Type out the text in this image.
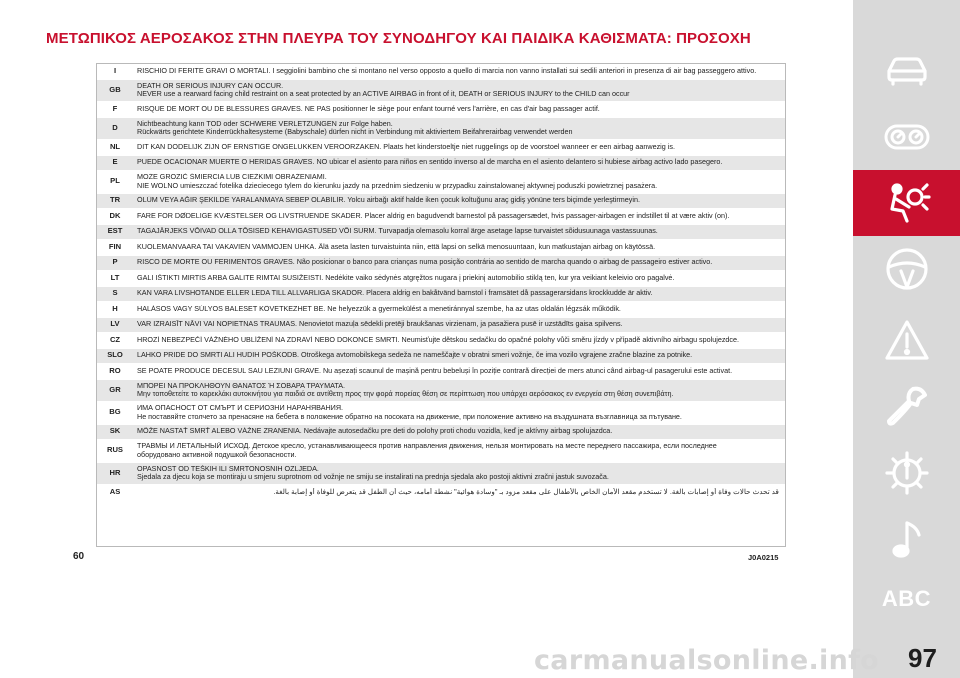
ΜΕΤΩΠΙΚΟΣ ΑΕΡΟΣΑΚΟΣ ΣΤΗΝ ΠΛΕΥΡΑ ΤΟΥ ΣΥΝΟΔΗΓΟΥ ΚΑΙ ΠΑΙΔΙΚΑ ΚΑΘΙΣΜΑΤΑ: ΠΡΟΣΟΧΗ
I	RISCHIO DI FERITE GRAVI O MORTALI. I seggiolini bambino che si montano nel verso opposto a quello di marcia non vanno installati sui sedili anteriori in presenza di air bag passeggero attivo.
GB	DEATH OR SERIOUS INJURY CAN OCCUR.
NEVER use a rearward facing child restraint on a seat protected by an ACTIVE AIRBAG in front of it, DEATH or SERIOUS INJURY to the CHILD can occur
F	RISQUE DE MORT OU DE BLESSURES GRAVES. NE PAS positionner le siège pour enfant tourné vers l'arrière, en cas d'air bag passager actif.
D	Nichtbeachtung kann TOD oder SCHWERE VERLETZUNGEN zur Folge haben.
Rückwärts gerichtete Kinderrückhaltesysteme (Babyschale) dürfen nicht in Verbindung mit aktiviertem Beifahrerairbag verwendet werden
NL	DIT KAN DODELIJK ZIJN OF ERNSTIGE ONGELUKKEN VEROORZAKEN. Plaats het kinderstoeltje niet ruggelings op de voorstoel wanneer er een airbag aanwezig is.
E	PUEDE OCACIONAR MUERTE O HERIDAS GRAVES. NO ubicar el asiento para niños en sentido inverso al de marcha en el asiento delantero si hubiese airbag activo lado pasegero.
PL	MOŻE GROZIĆ ŚMIERCIA LUB CIEŻKIMI OBRAŻENIAMI.
NIE WOLNO umieszczać fotelika dzieciecego tylem do kierunku jazdy na przednim siedzeniu w przypadku zainstalowanej aktywnej poduszki powietrznej pasażera.
TR	ÖLÜM VEYA AĞIR ŞEKİLDE YARALANMAYA SEBEP OLABİLİR. Yolcu airbağı aktif halde iken çocuk koltuğunu araç gidiş yönüne ters biçimde yerleştirmeyin.
DK	FARE FOR DØDELIGE KVÆSTELSER OG LIVSTRUENDE SKADER. Placer aldrig en bagudvendt barnestol på passagersædet, hvis passager-airbagen er indstillet til at være aktiv (on).
EST	TAGAJÄRJEKS VÕIVAD OLLA TÕSISED KEHAVIGASTUSED VÕI SURM. Turvapadja olemasolu korral ärge asetage lapse turvaistet sõidusuunaga vastassuunas.
FIN	KUOLEMANVAARA TAI VAKAVIEN VAMMOJEN UHKA. Älä aseta lasten turvaistuinta niin, että lapsi on selkä menosuuntaan, kun matkustajan airbag on käytössä.
P	RISCO DE MORTE OU FERIMENTOS GRAVES. Não posicionar o banco para crianças numa posição contrária ao sentido de marcha quando o airbag de passageiro estiver activo.
LT	GALI IŠTIKTI MIRTIS ARBA GALITE RIMTAI SUSIŽEISTI. Nedėkite vaiko sėdynės atgręžtos nugara į priekinį automobilio stiklą ten, kur yra veikiant keleivio oro pagalvė.
S	KAN VARA LIVSHOTANDE ELLER LEDA TILL ALLVARLIGA SKADOR. Placera aldrig en bakåtvänd barnstol i framsätet då passagerarsidans krockkudde är aktiv.
H	HALÁSOS VAGY SÚLYOS BALESET KÖVETKEZHET BE. Ne helyezzük a gyermekülést a menetiránnyal szembe, ha az utas oldalán légzsák működik.
LV	VAR IZRAISĪT NĀVI VAI NOPIETNAS TRAUMAS. Nenovietot mazuļa sēdekli pretēji braukšanas virzienam, ja pasažiera pusē ir uzstādīts gaisa spilvens.
CZ	HROZÍ NEBEZPEČÍ VÁŽNÉHO UBLÍŽENÍ NA ZDRAVÍ NEBO DOKONCE SMRTI. Neumisťujte dětskou sedačku do opačné polohy vůči směru jízdy v případě aktivního airbagu spolujezdce.
SLO	LAHKO PRIDE DO SMRTI ALI HUDIH POŠKODB. Otroškega avtomobilskega sedeža ne nameščajte v obratni smeri vožnje, če ima vozilo vgrajene zračne blazine za potnike.
RO	SE POATE PRODUCE DECESUL SAU LEZIUNI GRAVE. Nu așezați scaunul de mașină pentru bebeluși în poziție contrară direcției de mers atunci când airbag-ul pasagerului este activat.
GR	ΜΠΟΡΕΙ ΝΑ ΠΡΟΚΛΗΘΟΥΝ ΘΑΝΑΤΟΣ Ή ΣΟΒΑΡΑ ΤΡΑΥΜΑΤΑ.
Μην τοποθετείτε το καρεκλάκι αυτοκινήτου για παιδιά σε αντίθετη προς την φορά πορείας θέση σε περίπτωση που υπάρχει αερόσακος εν ενεργεία στη θέση συνεπιβάτη.
BG	ИМА ОПАСНОСТ ОТ СМЪРТ И СЕРИОЗНИ НАРАНЯВАНИЯ.
Не поставяйте столчето за пренасяне на бебета в положение обратно на посоката на движение, при положение активно на въздушната възглавница за пътуване.
SK	MÔŽE NASTAŤ SMRŤ ALEBO VÁŽNE ZRANENIA. Nedávajte autosedačku pre deti do polohy proti chodu vozidla, keď je aktívny airbag spolujazdca.
RUS	ТРАВМЫ И ЛЕТАЛЬНЫЙ ИСХОД. Детское кресло, устанавливающееся против направления движения, нельзя монтировать на месте переднего пассажира, если последнее
оборудовано активной подушкой безопасности.
HR	OPASNOST OD TEŠKIH ILI SMRTONOSNIH OZLJEDA.
Sjedala za djecu koja se montiraju u smjeru suprotnom od vožnje ne smiju se instalirati na prednja sjedala ako postoji aktivni zračni jastuk suvozača.
AS	قد تحدث حالات وفاة أو إصابات بالغة. لا تستخدم مقعد الأمان الخاص بالأطفال على مقعد مزود بـ "وسادة هوائية" نشطة أمامه، حيث أن الطفل قد يتعرض للوفاة أو إصابة بالغة.
60	J0A0215
ABC
carmanualsonline.info 97
